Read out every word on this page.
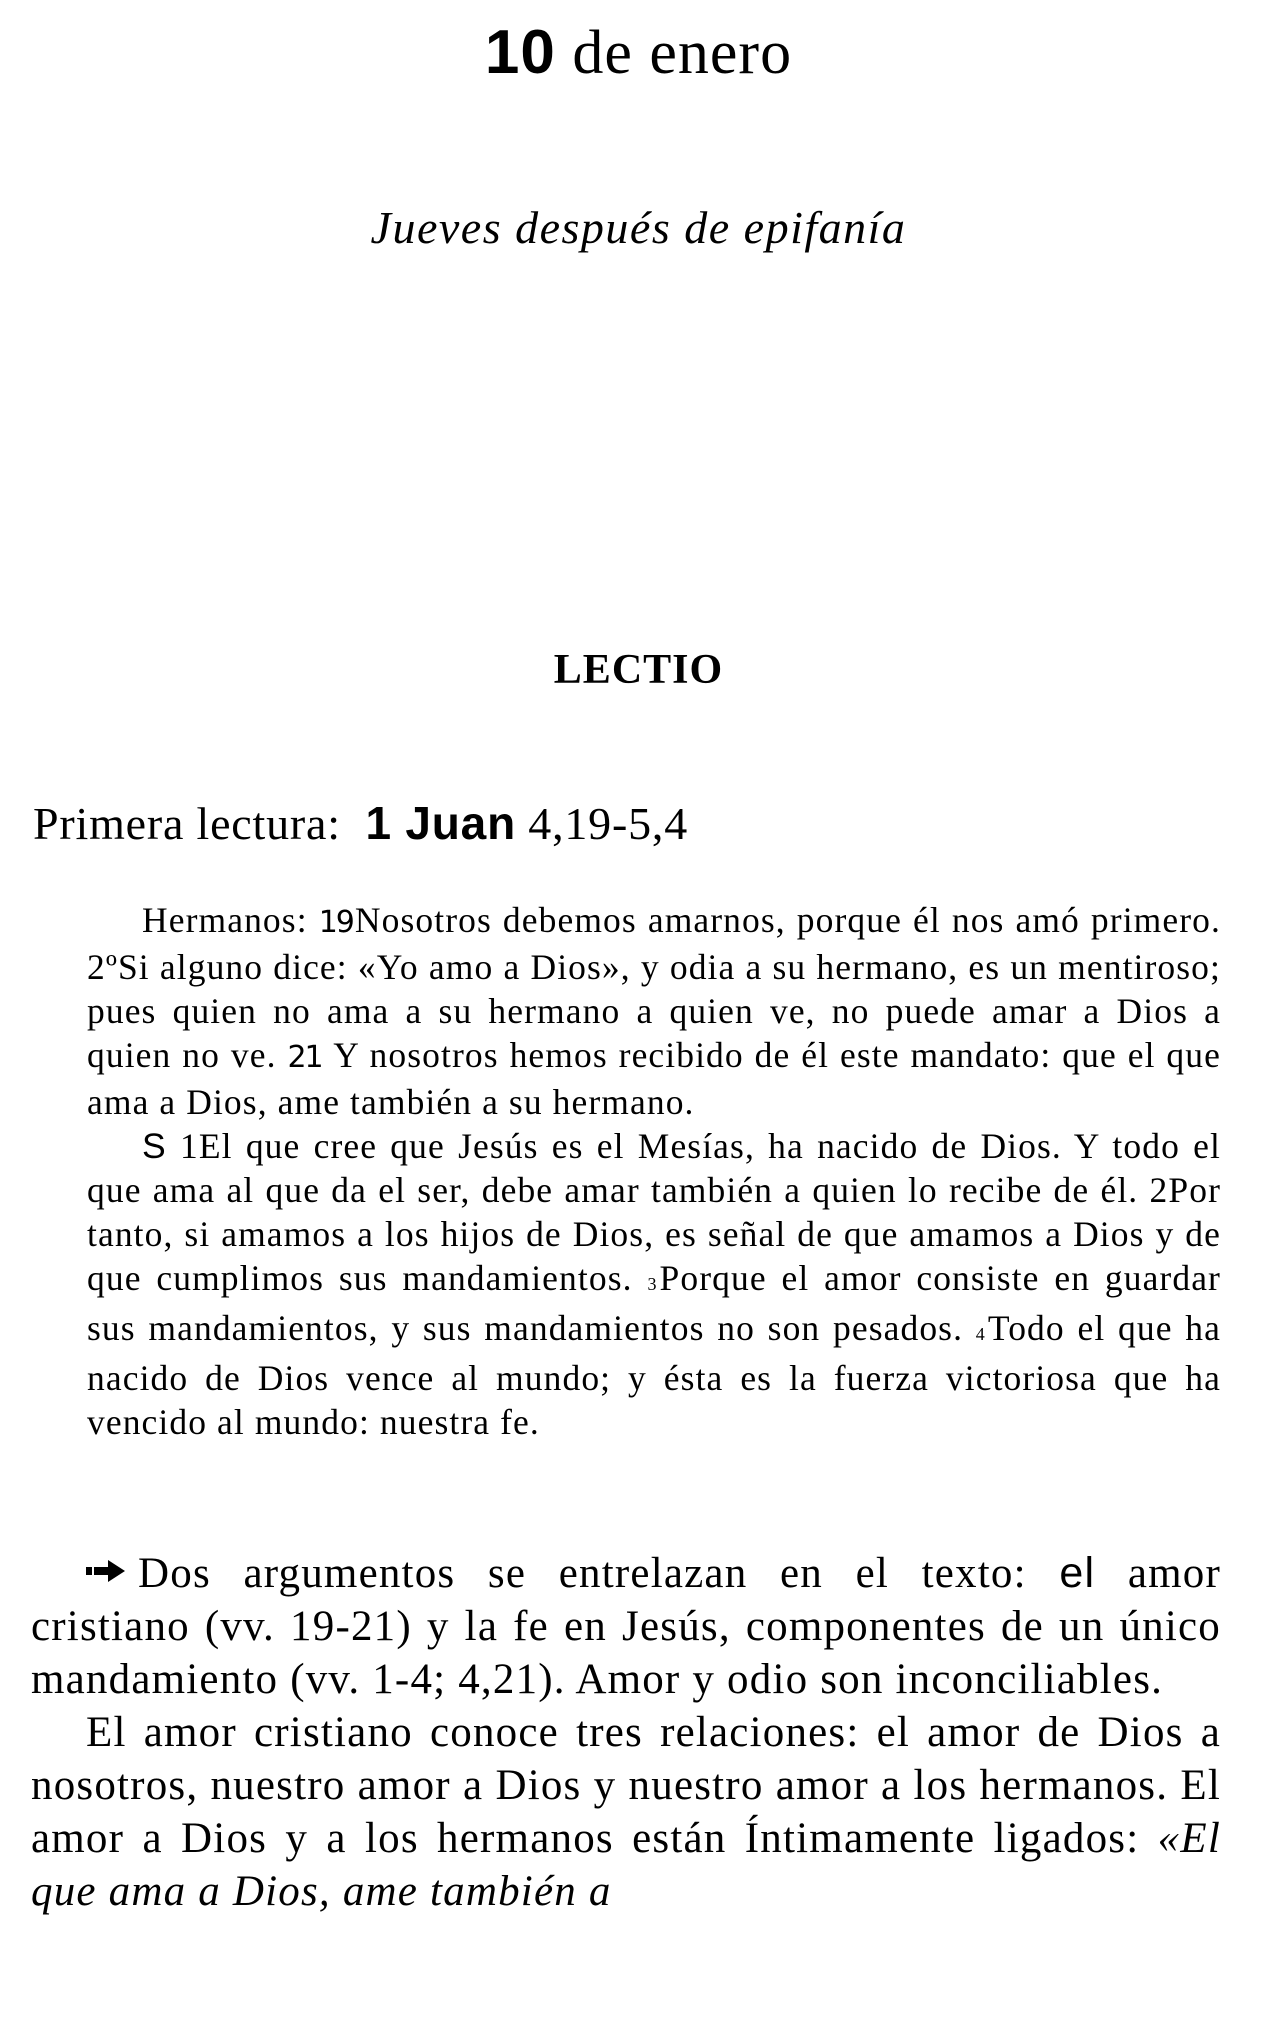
10 de enero
Jueves después de epifanía
LECTIO
Primera lectura: 1 Juan 4,19-5,4

Hermanos: 19Nosotros debemos amarnos, porque él nos amó primero. 2ºSi alguno dice: «Yo amo a Dios», y odia a su hermano, es un mentiroso; pues quien no ama a su hermano a quien ve, no puede amar a Dios a quien no ve. 21 Y nosotros hemos recibido de él este mandato: que el que ama a Dios, ame también a su hermano.

S 1El que cree que Jesús es el Mesías, ha nacido de Dios. Y todo el que ama al que da el ser, debe amar también a quien lo recibe de él. 2Por tanto, si amamos a los hijos de Dios, es señal de que amamos a Dios y de que cumplimos sus mandamientos. 3Porque el amor consiste en guardar sus mandamientos, y sus mandamientos no son pesados. 4Todo el que ha nacido de Dios vence al mundo; y ésta es la fuerza victoriosa que ha vencido al mundo: nuestra fe.

Dos argumentos se entrelazan en el texto: el amor cristiano (vv. 19-21) y la fe en Jesús, componentes de un único mandamiento (vv. 1-4; 4,21). Amor y odio son inconciliables.

El amor cristiano conoce tres relaciones: el amor de Dios a nosotros, nuestro amor a Dios y nuestro amor a los hermanos. El amor a Dios y a los hermanos están Íntimamente ligados: «El que ama a Dios, ame también a
